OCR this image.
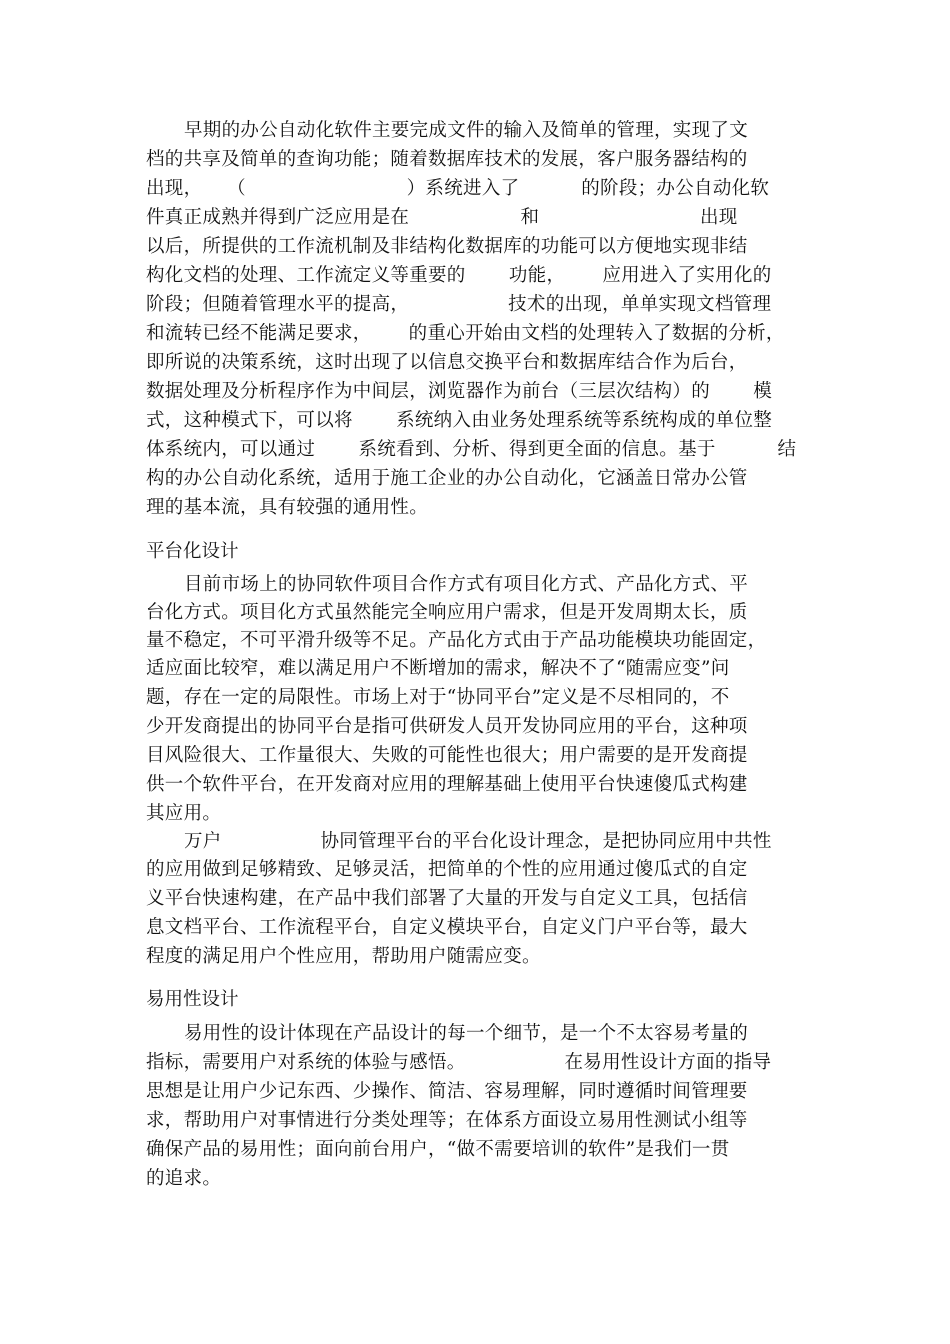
早期的办公自动化软件主要完成文件的输入及简单的管理，实现了文
档的共享及简单的查询功能；随着数据库技术的发展，客户服务器结构的
出现，    （                          ）系统进入了          的阶段；办公自动化软
件真正成熟并得到广泛应用是在                  和                          出现
以后，所提供的工作流机制及非结构化数据库的功能可以方便地实现非结
构化文档的处理、工作流定义等重要的       功能，      应用进入了实用化的
阶段；但随着管理水平的提高，                技术的出现，单单实现文档管理
和流转已经不能满足要求，      的重心开始由文档的处理转入了数据的分析，
即所说的决策系统，这时出现了以信息交换平台和数据库结合作为后台，
数据处理及分析程序作为中间层，浏览器作为前台（三层次结构）的       模
式，这种模式下，可以将       系统纳入由业务处理系统等系统构成的单位整
体系统内，可以通过       系统看到、分析、得到更全面的信息。基于          结
构的办公自动化系统，适用于施工企业的办公自动化，它涵盖日常办公管
理的基本流，具有较强的通用性。
平台化设计
目前市场上的协同软件项目合作方式有项目化方式、产品化方式、平
台化方式。项目化方式虽然能完全响应用户需求，但是开发周期太长，质
量不稳定，不可平滑升级等不足。产品化方式由于产品功能模块功能固定，
适应面比较窄，难以满足用户不断增加的需求，解决不了“随需应变”问
题，存在一定的局限性。市场上对于“协同平台”定义是不尽相同的，不
少开发商提出的协同平台是指可供研发人员开发协同应用的平台，这种项
目风险很大、工作量很大、失败的可能性也很大；用户需要的是开发商提
供一个软件平台，在开发商对应用的理解基础上使用平台快速傻瓜式构建
其应用。
万户                协同管理平台的平台化设计理念，是把协同应用中共性
的应用做到足够精致、足够灵活，把简单的个性的应用通过傻瓜式的自定
义平台快速构建，在产品中我们部署了大量的开发与自定义工具，包括信
息文档平台、工作流程平台，自定义模块平台，自定义门户平台等，最大
程度的满足用户个性应用，帮助用户随需应变。
易用性设计
易用性的设计体现在产品设计的每一个细节，是一个不太容易考量的
指标，需要用户对系统的体验与感悟。                在易用性设计方面的指导
思想是让用户少记东西、少操作、简洁、容易理解，同时遵循时间管理要
求，帮助用户对事情进行分类处理等；在体系方面设立易用性测试小组等
确保产品的易用性；面向前台用户，“做不需要培训的软件”是我们一贯
的追求。
